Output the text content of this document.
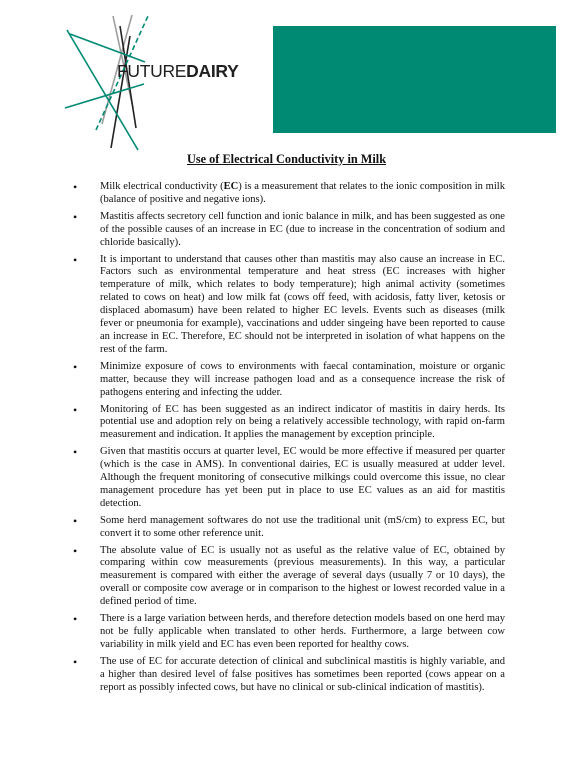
FUTUREDAIRY
Use of Electrical Conductivity in Milk
• Milk electrical conductivity (EC) is a measurement that relates to the ionic composition in milk (balance of positive and negative ions).
• Mastitis affects secretory cell function and ionic balance in milk, and has been suggested as one of the possible causes of an increase in EC (due to increase in the concentration of sodium and chloride basically).
• It is important to understand that causes other than mastitis may also cause an increase in EC. Factors such as environmental temperature and heat stress (EC increases with higher temperature of milk, which relates to body temperature); high animal activity (sometimes related to cows on heat) and low milk fat (cows off feed, with acidosis, fatty liver, ketosis or displaced abomasum) have been related to higher EC levels. Events such as diseases (milk fever or pneumonia for example), vaccinations and udder singeing have been reported to cause an increase in EC. Therefore, EC should not be interpreted in isolation of what happens on the rest of the farm.
• Minimize exposure of cows to environments with faecal contamination, moisture or organic matter, because they will increase pathogen load and as a consequence increase the risk of pathogens entering and infecting the udder.
• Monitoring of EC has been suggested as an indirect indicator of mastitis in dairy herds. Its potential use and adoption rely on being a relatively accessible technology, with rapid on-farm measurement and indication. It applies the management by exception principle.
• Given that mastitis occurs at quarter level, EC would be more effective if measured per quarter (which is the case in AMS). In conventional dairies, EC is usually measured at udder level. Although the frequent monitoring of consecutive milkings could overcome this issue, no clear management procedure has yet been put in place to use EC values as an aid for mastitis detection.
• Some herd management softwares do not use the traditional unit (mS/cm) to express EC, but convert it to some other reference unit.
• The absolute value of EC is usually not as useful as the relative value of EC, obtained by comparing within cow measurements (previous measurements). In this way, a particular measurement is compared with either the average of several days (usually 7 or 10 days), the overall or composite cow average or in comparison to the highest or lowest recorded value in a defined period of time.
• There is a large variation between herds, and therefore detection models based on one herd may not be fully applicable when translated to other herds. Furthermore, a large between cow variability in milk yield and EC has even been reported for healthy cows.
• The use of EC for accurate detection of clinical and subclinical mastitis is highly variable, and a higher than desired level of false positives has sometimes been reported (cows appear on a report as possibly infected cows, but have no clinical or sub-clinical indication of mastitis).
